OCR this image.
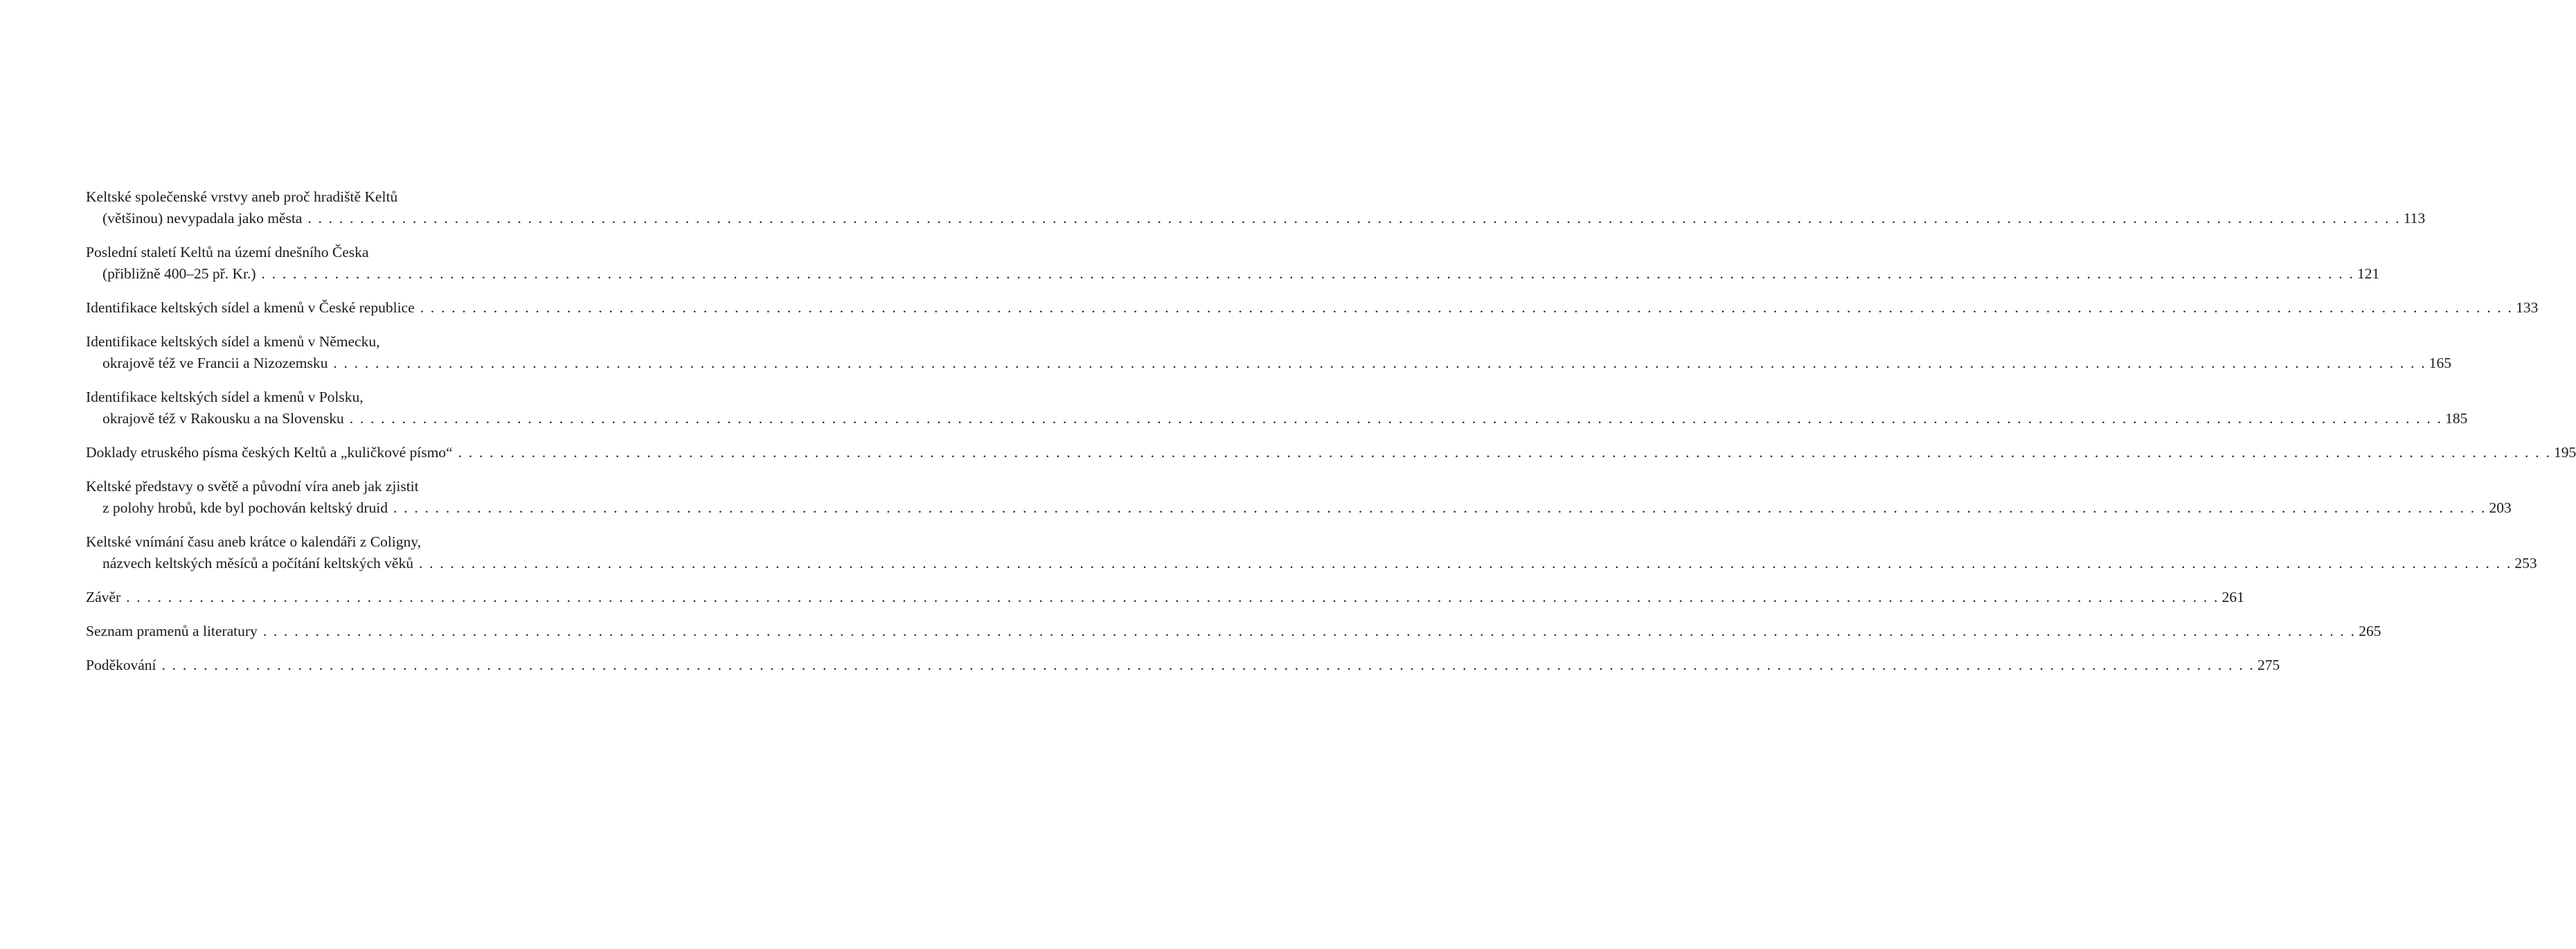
Keltské společenské vrstvy aneb proč hradiště Keltů
(většinou) nevypadala jako města . . . . . . . . . . . . . . . . . . . . . . . . . . . . . . . . . . . . . . . . . . . . . . . . . . . . . . . . . . . . . . . . . . . . . . . . . . . . . . . . . . . . . . . . . . . . . . . . . . . . . . . . . . . . . . . . . . . . . . . . . . . . . . . . . . . . . . . . . . . . . . . . . . . . . . . . . . . . . . . . . . . . . . . . . . . . . . . . . . . . . . . . . . . . . . . . . . . . . . . . 113
Poslední staletí Keltů na území dnešního Česka
(přibližně 400–25 př. Kr.) . . . . . . . . . . . . . . . . . . . . . . . . . . . . . . . . . . . . . . . . . . . . . . . . . . . . . . . . . . . . . . . . . . . . . . . . . . . . . . . . . . . . . . . . . . . . . . . . . . . . . . . . . . . . . . . . . . . . . . . . . . . . . . . . . . . . . . . . . . . . . . . . . . . . . . . . . . . . . . . . . . . . . . . . . . . . . . . . . . . . . . . . . . . . . . . . . . . . . . . . 121
Identifikace keltských sídel a kmenů v České republice . . . . . . . . . . . . . . . . . . . . . . . . . . . . . . . . . . . . . . . . . . . . . . . . . . . . . . . . . . . . . . . . . . . . . . . . . . . . . . . . . . . . . . . . . . . . . . . . . . . . . . . . . . . . . . . . . . . . . . . . . . . . . . . . . . . . . . . . . . . . . . . . . . . . . . . . . . . . . . . . . . . . . . . . . . . . . . . . . . . . . . . . . . . . . . . . . . . . . . . . 133
Identifikace keltských sídel a kmenů v Německu,
okrajově též ve Francii a Nizozemsku . . . . . . . . . . . . . . . . . . . . . . . . . . . . . . . . . . . . . . . . . . . . . . . . . . . . . . . . . . . . . . . . . . . . . . . . . . . . . . . . . . . . . . . . . . . . . . . . . . . . . . . . . . . . . . . . . . . . . . . . . . . . . . . . . . . . . . . . . . . . . . . . . . . . . . . . . . . . . . . . . . . . . . . . . . . . . . . . . . . . . . . . . . . . . . . . . . . . . . . . 165
Identifikace keltských sídel a kmenů v Polsku,
okrajově též v Rakousku a na Slovensku . . . . . . . . . . . . . . . . . . . . . . . . . . . . . . . . . . . . . . . . . . . . . . . . . . . . . . . . . . . . . . . . . . . . . . . . . . . . . . . . . . . . . . . . . . . . . . . . . . . . . . . . . . . . . . . . . . . . . . . . . . . . . . . . . . . . . . . . . . . . . . . . . . . . . . . . . . . . . . . . . . . . . . . . . . . . . . . . . . . . . . . . . . . . . . . . . . . . . . . . 185
Doklady etruského písma českých Keltů a „kuličkové písmo“ . . . . . . . . . . . . . . . . . . . . . . . . . . . . . . . . . . . . . . . . . . . . . . . . . . . . . . . . . . . . . . . . . . . . . . . . . . . . . . . . . . . . . . . . . . . . . . . . . . . . . . . . . . . . . . . . . . . . . . . . . . . . . . . . . . . . . . . . . . . . . . . . . . . . . . . . . . . . . . . . . . . . . . . . . . . . . . . . . . . . . . . . . . . . . . . . . . . . . . . . 195
Keltské představy o světě a původní víra aneb jak zjistit
z polohy hrobů, kde byl pochován keltský druid . . . . . . . . . . . . . . . . . . . . . . . . . . . . . . . . . . . . . . . . . . . . . . . . . . . . . . . . . . . . . . . . . . . . . . . . . . . . . . . . . . . . . . . . . . . . . . . . . . . . . . . . . . . . . . . . . . . . . . . . . . . . . . . . . . . . . . . . . . . . . . . . . . . . . . . . . . . . . . . . . . . . . . . . . . . . . . . . . . . . . . . . . . . . . . . . . . . . . . . . 203
Keltské vnímání času aneb krátce o kalendáři z Coligny,
názvech keltských měsíců a počítání keltských věků . . . . . . . . . . . . . . . . . . . . . . . . . . . . . . . . . . . . . . . . . . . . . . . . . . . . . . . . . . . . . . . . . . . . . . . . . . . . . . . . . . . . . . . . . . . . . . . . . . . . . . . . . . . . . . . . . . . . . . . . . . . . . . . . . . . . . . . . . . . . . . . . . . . . . . . . . . . . . . . . . . . . . . . . . . . . . . . . . . . . . . . . . . . . . . . . . . . . . . . . 253
Závěr . . . . . . . . . . . . . . . . . . . . . . . . . . . . . . . . . . . . . . . . . . . . . . . . . . . . . . . . . . . . . . . . . . . . . . . . . . . . . . . . . . . . . . . . . . . . . . . . . . . . . . . . . . . . . . . . . . . . . . . . . . . . . . . . . . . . . . . . . . . . . . . . . . . . . . . . . . . . . . . . . . . . . . . . . . . . . . . . . . . . . . . . . . . . . . . . . . . . . . . . 261
Seznam pramenů a literatury . . . . . . . . . . . . . . . . . . . . . . . . . . . . . . . . . . . . . . . . . . . . . . . . . . . . . . . . . . . . . . . . . . . . . . . . . . . . . . . . . . . . . . . . . . . . . . . . . . . . . . . . . . . . . . . . . . . . . . . . . . . . . . . . . . . . . . . . . . . . . . . . . . . . . . . . . . . . . . . . . . . . . . . . . . . . . . . . . . . . . . . . . . . . . . . . . . . . . . . . 265
Poděkování . . . . . . . . . . . . . . . . . . . . . . . . . . . . . . . . . . . . . . . . . . . . . . . . . . . . . . . . . . . . . . . . . . . . . . . . . . . . . . . . . . . . . . . . . . . . . . . . . . . . . . . . . . . . . . . . . . . . . . . . . . . . . . . . . . . . . . . . . . . . . . . . . . . . . . . . . . . . . . . . . . . . . . . . . . . . . . . . . . . . . . . . . . . . . . . . . . . . . . . . 275
